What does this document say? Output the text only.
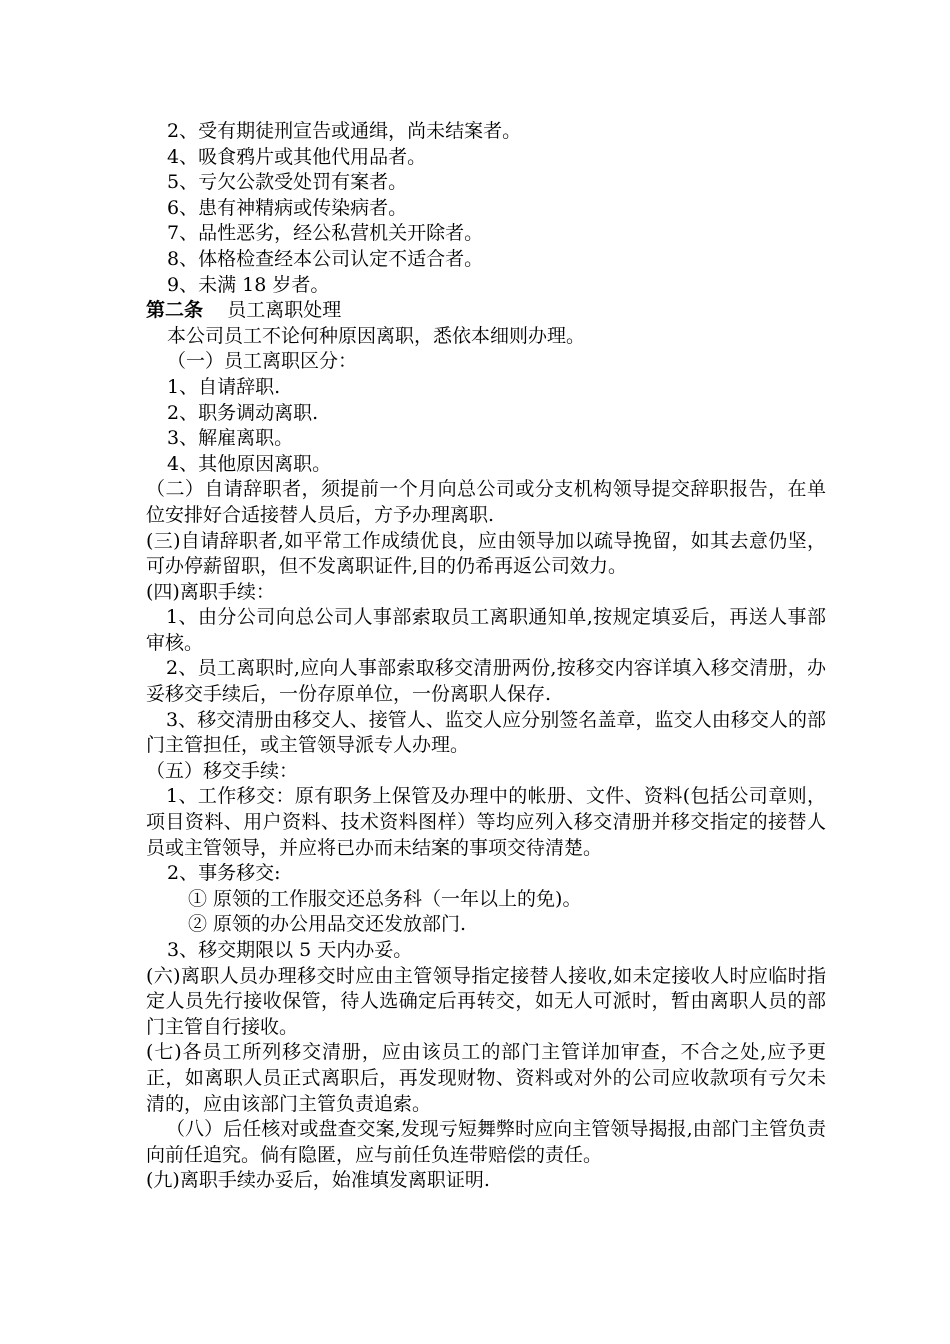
2、受有期徒刑宣告或通缉，尚未结案者。
4、吸食鸦片或其他代用品者。
5、亏欠公款受处罚有案者。
6、患有神精病或传染病者。
7、品性恶劣，经公私营机关开除者。
8、体格检查经本公司认定不适合者。
9、未满 18 岁者。
第二条 员工离职处理
本公司员工不论何种原因离职，悉依本细则办理。
（一）员工离职区分：
1、自请辞职.
2、职务调动离职.
3、解雇离职。
4、其他原因离职。
（二）自请辞职者，须提前一个月向总公司或分支机构领导提交辞职报告，在单位安排好合适接替人员后，方予办理离职.
(三)自请辞职者,如平常工作成绩优良，应由领导加以疏导挽留，如其去意仍坚，可办停薪留职，但不发离职证件,目的仍希再返公司效力。
(四)离职手续：
1、由分公司向总公司人事部索取员工离职通知单,按规定填妥后，再送人事部审核。
2、员工离职时,应向人事部索取移交清册两份,按移交内容详填入移交清册，办妥移交手续后，一份存原单位，一份离职人保存.
3、移交清册由移交人、接管人、监交人应分别签名盖章，监交人由移交人的部门主管担任，或主管领导派专人办理。
（五）移交手续：
1、工作移交：原有职务上保管及办理中的帐册、文件、资料(包括公司章则，项目资料、用户资料、技术资料图样）等均应列入移交清册并移交指定的接替人员或主管领导，并应将已办而未结案的事项交待清楚。
2、事务移交:
① 原领的工作服交还总务科（一年以上的免)。
② 原领的办公用品交还发放部门.
3、移交期限以 5 天内办妥。
(六)离职人员办理移交时应由主管领导指定接替人接收,如未定接收人时应临时指定人员先行接收保管，待人选确定后再转交，如无人可派时，暂由离职人员的部门主管自行接收。
(七)各员工所列移交清册，应由该员工的部门主管详加审查，不合之处,应予更正，如离职人员正式离职后，再发现财物、资料或对外的公司应收款项有亏欠未清的，应由该部门主管负责追索。
（八）后任核对或盘查交案,发现亏短舞弊时应向主管领导揭报,由部门主管负责向前任追究。倘有隐匿，应与前任负连带赔偿的责任。
(九)离职手续办妥后，始准填发离职证明.
